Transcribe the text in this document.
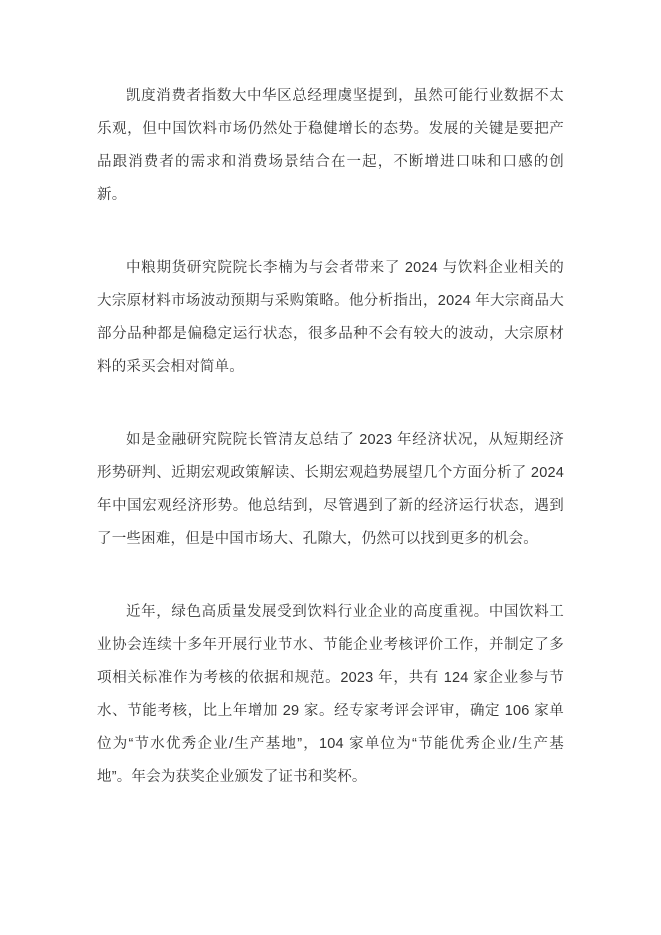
凯度消费者指数大中华区总经理虞坚提到，虽然可能行业数据不太乐观，但中国饮料市场仍然处于稳健增长的态势。发展的关键是要把产品跟消费者的需求和消费场景结合在一起，不断增进口味和口感的创新。

中粮期货研究院院长李楠为与会者带来了 2024 与饮料企业相关的大宗原材料市场波动预期与采购策略。他分析指出，2024 年大宗商品大部分品种都是偏稳定运行状态，很多品种不会有较大的波动，大宗原材料的采买会相对简单。

如是金融研究院院长管清友总结了 2023 年经济状况，从短期经济形势研判、近期宏观政策解读、长期宏观趋势展望几个方面分析了 2024 年中国宏观经济形势。他总结到，尽管遇到了新的经济运行状态，遇到了一些困难，但是中国市场大、孔隙大，仍然可以找到更多的机会。

近年，绿色高质量发展受到饮料行业企业的高度重视。中国饮料工业协会连续十多年开展行业节水、节能企业考核评价工作，并制定了多项相关标准作为考核的依据和规范。2023 年，共有 124 家企业参与节水、节能考核，比上年增加 29 家。经专家考评会评审，确定 106 家单位为“节水优秀企业/生产基地”，104 家单位为“节能优秀企业/生产基地”。年会为获奖企业颁发了证书和奖杯。
